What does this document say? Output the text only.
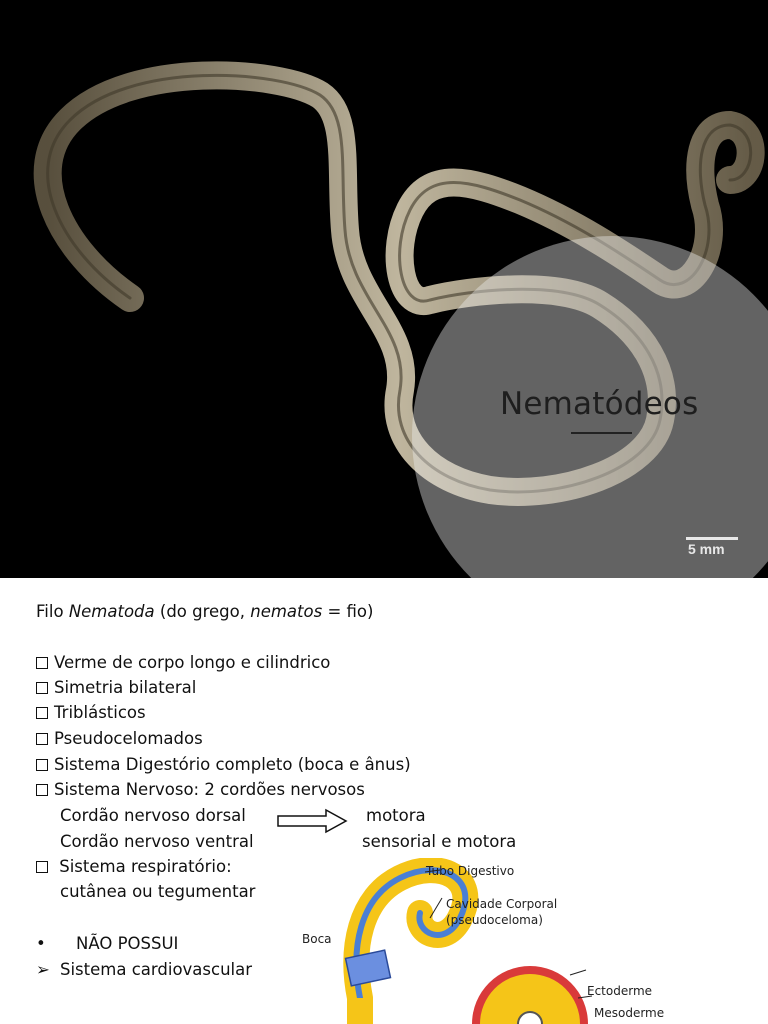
Nematódeos
5 mm
Filo Nematoda (do grego, nematos = fio)
Verme de corpo longo e cilindrico
Simetria bilateral
Triblásticos
Pseudocelomados
Sistema Digestório completo (boca e ânus)
Sistema Nervoso: 2 cordões nervosos
Cordão nervoso dorsal	motora
Cordão nervoso ventral	sensorial e motora
Sistema respiratório:
cutânea ou tegumentar
• NÃO POSSUI
➢ Sistema cardiovascular
Tubo Digestivo
Cavidade Corporal
(pseudoceloma)
Boca
Ectoderme
Mesoderme
